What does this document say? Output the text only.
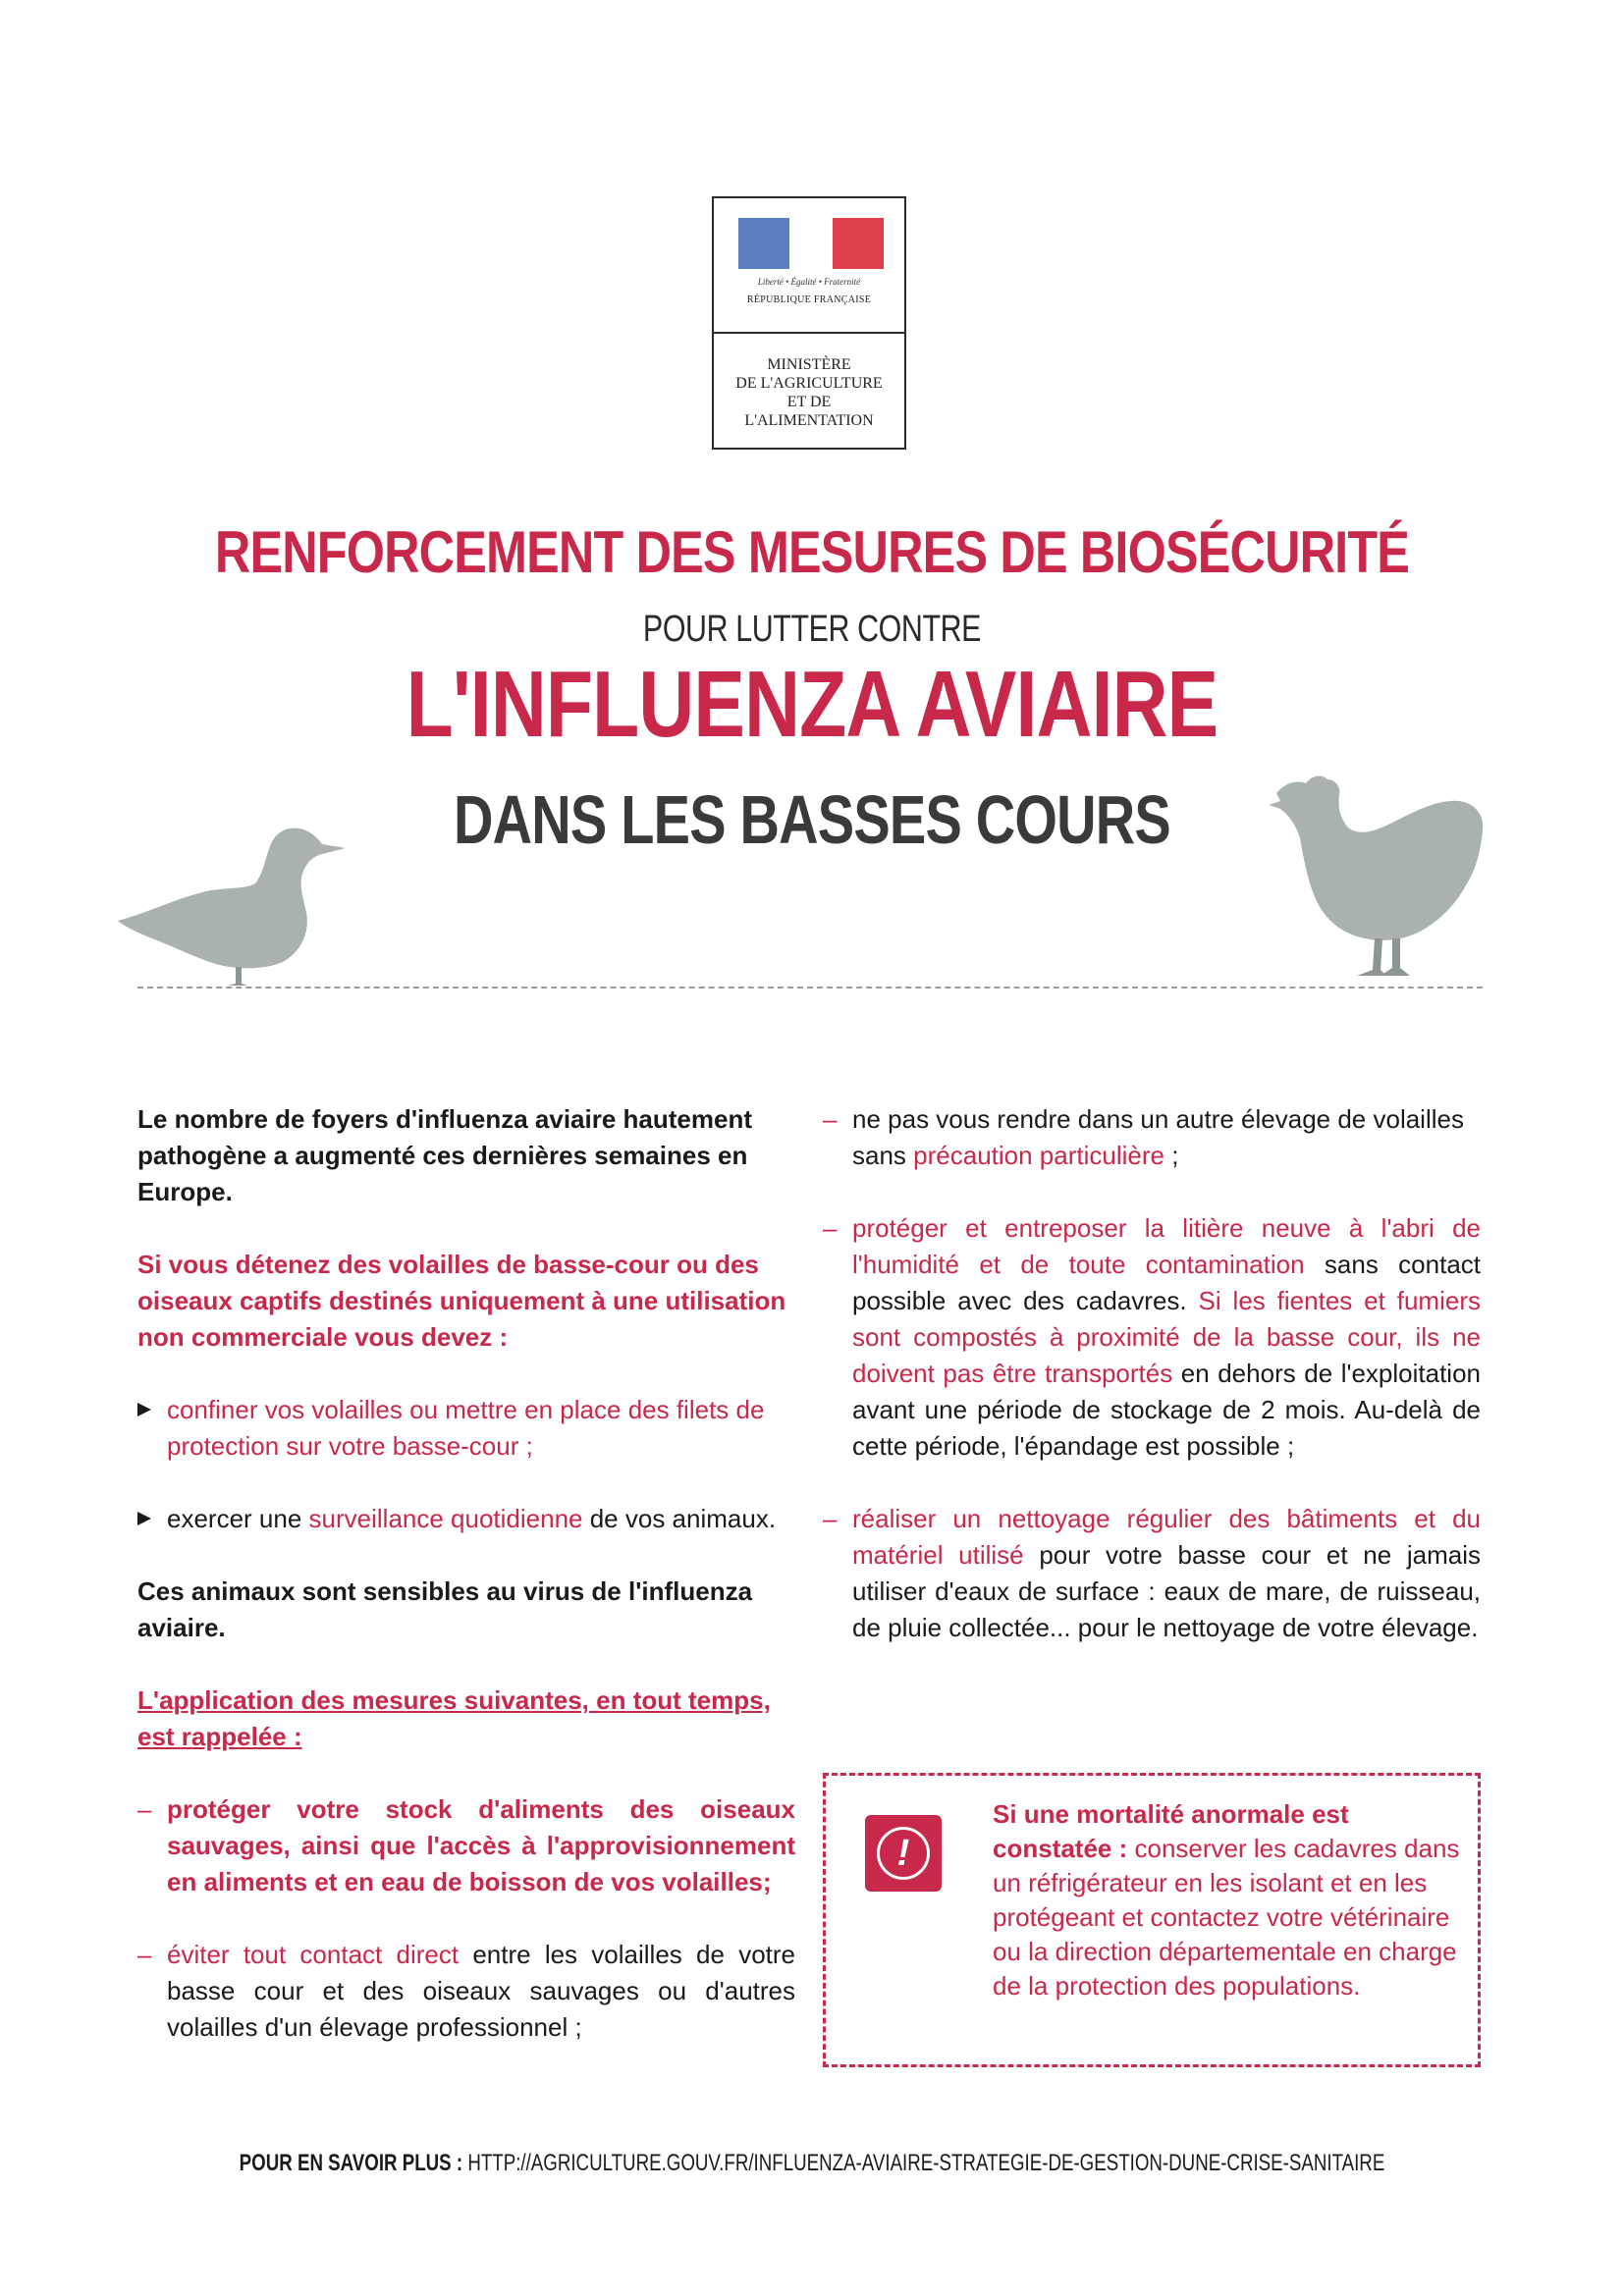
Liberté • Égalité • Fraternité
RÉPUBLIQUE FRANÇAISE
MINISTÈRE
DE L'AGRICULTURE
ET DE
L'ALIMENTATION
RENFORCEMENT DES MESURES DE BIOSÉCURITÉ
POUR LUTTER CONTRE
L'INFLUENZA AVIAIRE
DANS LES BASSES COURS

Le nombre de foyers d'influenza aviaire hautement pathogène a augmenté ces dernières semaines en Europe.

Si vous détenez des volailles de basse-cour ou des oiseaux captifs destinés uniquement à une utilisation non commerciale vous devez :

confiner vos volailles ou mettre en place des filets de protection sur votre basse-cour ;
exercer une surveillance quotidienne de vos animaux.

Ces animaux sont sensibles au virus de l'influenza aviaire.

L'application des mesures suivantes, en tout temps, est rappelée :

– protéger votre stock d'aliments des oiseaux sauvages, ainsi que l'accès à l'approvisionnement en aliments et en eau de boisson de vos volailles;
– éviter tout contact direct entre les volailles de votre basse cour et des oiseaux sauvages ou d'autres volailles d'un élevage professionnel ;
– ne pas vous rendre dans un autre élevage de volailles sans précaution particulière ;
– protéger et entreposer la litière neuve à l'abri de l'humidité et de toute contamination sans contact possible avec des cadavres. Si les fientes et fumiers sont compostés à proximité de la basse cour, ils ne doivent pas être transportés en dehors de l'exploitation avant une période de stockage de 2 mois. Au-delà de cette période, l'épandage est possible ;
– réaliser un nettoyage régulier des bâtiments et du matériel utilisé pour votre basse cour et ne jamais utiliser d'eaux de surface : eaux de mare, de ruisseau, de pluie collectée... pour le nettoyage de votre élevage.
!
Si une mortalité anormale est constatée : conserver les cadavres dans un réfrigérateur en les isolant et en les protégeant et contactez votre vétérinaire ou la direction départementale en charge de la protection des populations.
POUR EN SAVOIR PLUS : HTTP://AGRICULTURE.GOUV.FR/INFLUENZA-AVIAIRE-STRATEGIE-DE-GESTION-DUNE-CRISE-SANITAIRE
